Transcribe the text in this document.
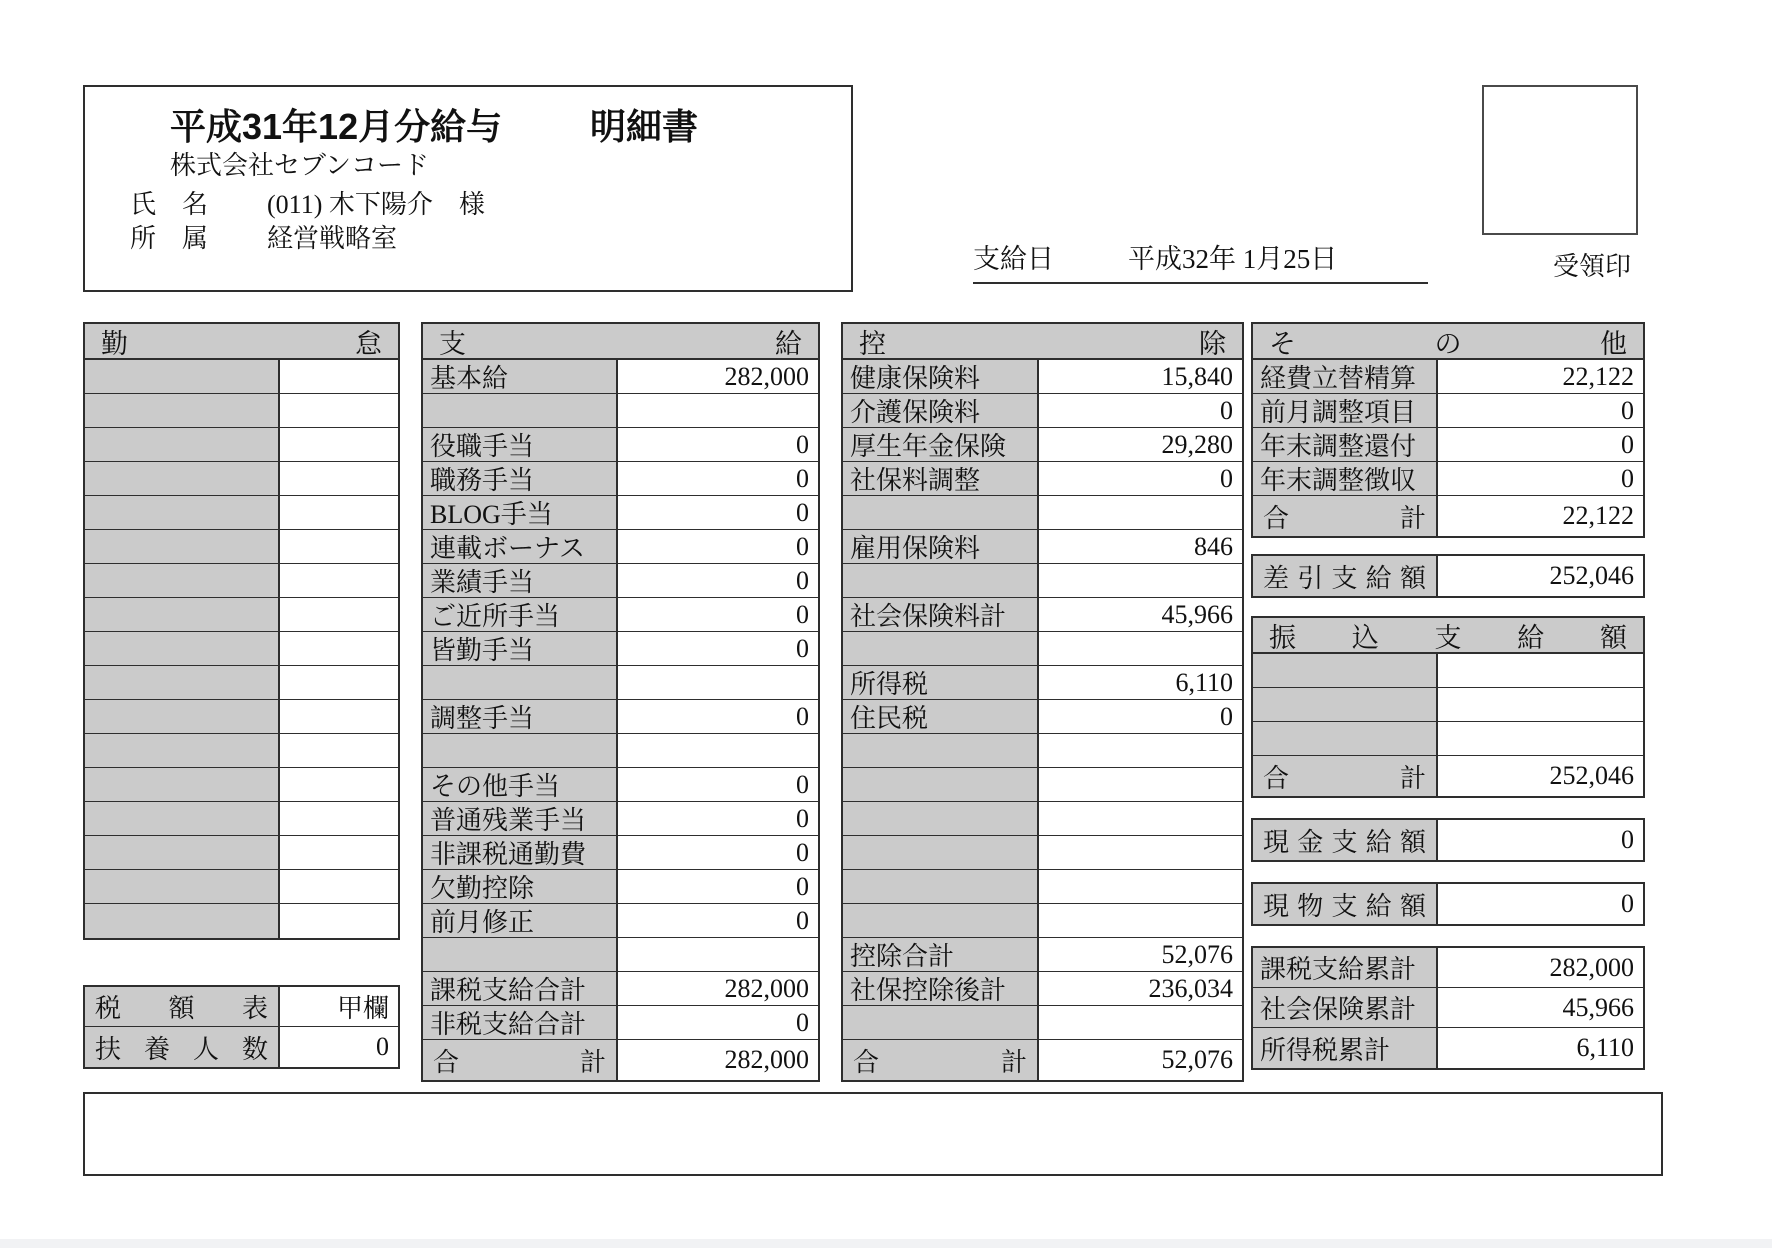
平成31年12月分給与 明細書
株式会社セブンコード
氏　名 (011) 木下陽介　様
所　属 経営戦略室
支給日	平成32年 1月25日	受領印
勤	怠
税 額 表	甲欄
扶 養 人 数	0
支	給
基本給	282,000
役職手当	0
職務手当	0
BLOG手当	0
連載ボーナス	0
業績手当	0
ご近所手当	0
皆勤手当	0
調整手当	0
その他手当	0
普通残業手当	0
非課税通勤費	0
欠勤控除	0
前月修正	0
課税支給合計	282,000
非税支給合計	0
合	計	282,000
控	除
健康保険料	15,840
介護保険料	0
厚生年金保険	29,280
社保料調整	0
雇用保険料	846
社会保険料計	45,966
所得税	6,110
住民税	0
控除合計	52,076
社保控除後計	236,034
合	計	52,076
そ	の	他
経費立替精算	22,122
前月調整項目	0
年末調整還付	0
年末調整徴収	0
合	計	22,122
差 引 支 給 額	252,046
振 込 支 給 額
合	計	252,046
現 金 支 給 額	0
現 物 支 給 額	0
課税支給累計	282,000
社会保険累計	45,966
所得税累計	6,110
